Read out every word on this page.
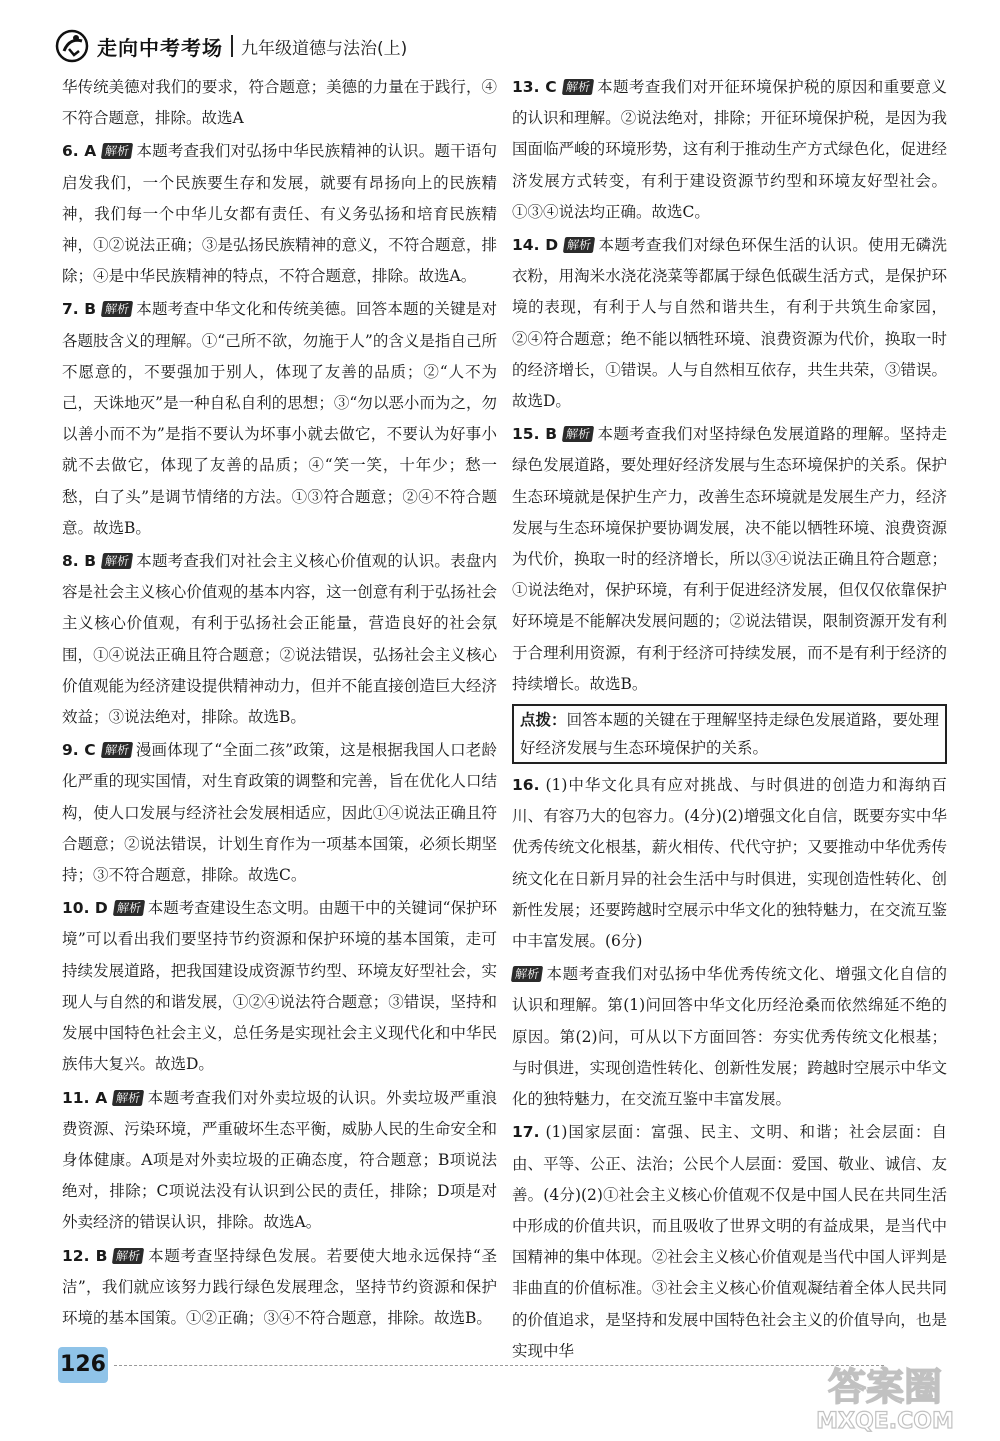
走向中考考场 九年级道德与法治(上)
华传统美德对我们的要求，符合题意；美德的力量在于践行，④不符合题意，排除。故选A
6. A 解析 本题考查我们对弘扬中华民族精神的认识。题干语句启发我们，一个民族要生存和发展，就要有昂扬向上的民族精神，我们每一个中华儿女都有责任、有义务弘扬和培育民族精神，①②说法正确；③是弘扬民族精神的意义，不符合题意，排除；④是中华民族精神的特点，不符合题意，排除。故选A。
7. B 解析 本题考查中华文化和传统美德。回答本题的关键是对各题肢含义的理解。①“己所不欲，勿施于人”的含义是指自己所不愿意的，不要强加于别人，体现了友善的品质；②“人不为己，天诛地灭”是一种自私自利的思想；③“勿以恶小而为之，勿以善小而不为”是指不要认为坏事小就去做它，不要认为好事小就不去做它，体现了友善的品质；④“笑一笑，十年少；愁一愁，白了头”是调节情绪的方法。①③符合题意；②④不符合题意。故选B。
8. B 解析 本题考查我们对社会主义核心价值观的认识。表盘内容是社会主义核心价值观的基本内容，这一创意有利于弘扬社会主义核心价值观，有利于弘扬社会正能量，营造良好的社会氛围，①④说法正确且符合题意；②说法错误，弘扬社会主义核心价值观能为经济建设提供精神动力，但并不能直接创造巨大经济效益；③说法绝对，排除。故选B。
9. C 解析 漫画体现了“全面二孩”政策，这是根据我国人口老龄化严重的现实国情，对生育政策的调整和完善，旨在优化人口结构，使人口发展与经济社会发展相适应，因此①④说法正确且符合题意；②说法错误，计划生育作为一项基本国策，必须长期坚持；③不符合题意，排除。故选C。
10. D 解析 本题考查建设生态文明。由题干中的关键词“保护环境”可以看出我们要坚持节约资源和保护环境的基本国策，走可持续发展道路，把我国建设成资源节约型、环境友好型社会，实现人与自然的和谐发展，①②④说法符合题意；③错误，坚持和发展中国特色社会主义，总任务是实现社会主义现代化和中华民族伟大复兴。故选D。
11. A 解析 本题考查我们对外卖垃圾的认识。外卖垃圾严重浪费资源、污染环境，严重破坏生态平衡，威胁人民的生命安全和身体健康。A项是对外卖垃圾的正确态度，符合题意；B项说法绝对，排除；C项说法没有认识到公民的责任，排除；D项是对外卖经济的错误认识，排除。故选A。
12. B 解析 本题考查坚持绿色发展。若要使大地永远保持“圣洁”，我们就应该努力践行绿色发展理念，坚持节约资源和保护环境的基本国策。①②正确；③④不符合题意，排除。故选B。
13. C 解析 本题考查我们对开征环境保护税的原因和重要意义的认识和理解。②说法绝对，排除；开征环境保护税，是因为我国面临严峻的环境形势，这有利于推动生产方式绿色化，促进经济发展方式转变，有利于建设资源节约型和环境友好型社会。①③④说法均正确。故选C。
14. D 解析 本题考查我们对绿色环保生活的认识。使用无磷洗衣粉，用淘米水浇花浇菜等都属于绿色低碳生活方式，是保护环境的表现，有利于人与自然和谐共生，有利于共筑生命家园，②④符合题意；绝不能以牺牲环境、浪费资源为代价，换取一时的经济增长，①错误。人与自然相互依存，共生共荣，③错误。故选D。
15. B 解析 本题考查我们对坚持绿色发展道路的理解。坚持走绿色发展道路，要处理好经济发展与生态环境保护的关系。保护生态环境就是保护生产力，改善生态环境就是发展生产力，经济发展与生态环境保护要协调发展，决不能以牺牲环境、浪费资源为代价，换取一时的经济增长，所以③④说法正确且符合题意；①说法绝对，保护环境，有利于促进经济发展，但仅仅依靠保护好环境是不能解决发展问题的；②说法错误，限制资源开发有利于合理利用资源，有利于经济可持续发展，而不是有利于经济的持续增长。故选B。
点拨：回答本题的关键在于理解坚持走绿色发展道路，要处理好经济发展与生态环境保护的关系。
16. (1)中华文化具有应对挑战、与时俱进的创造力和海纳百川、有容乃大的包容力。(4分)(2)增强文化自信，既要夯实中华优秀传统文化根基，薪火相传、代代守护；又要推动中华优秀传统文化在日新月异的社会生活中与时俱进，实现创造性转化、创新性发展；还要跨越时空展示中华文化的独特魅力，在交流互鉴中丰富发展。(6分)
解析 本题考查我们对弘扬中华优秀传统文化、增强文化自信的认识和理解。第(1)问回答中华文化历经沧桑而依然绵延不绝的原因。第(2)问，可从以下方面回答：夯实优秀传统文化根基；与时俱进，实现创造性转化、创新性发展；跨越时空展示中华文化的独特魅力，在交流互鉴中丰富发展。
17. (1)国家层面：富强、民主、文明、和谐；社会层面：自由、平等、公正、法治；公民个人层面：爱国、敬业、诚信、友善。(4分)(2)①社会主义核心价值观不仅是中国人民在共同生活中形成的价值共识，而且吸收了世界文明的有益成果，是当代中国精神的集中体现。②社会主义核心价值观是当代中国人评判是非曲直的价值标准。③社会主义核心价值观凝结着全体人民共同的价值追求，是坚持和发展中国特色社会主义的价值导向，也是实现中华
126
答案圈
MXQE.COM
